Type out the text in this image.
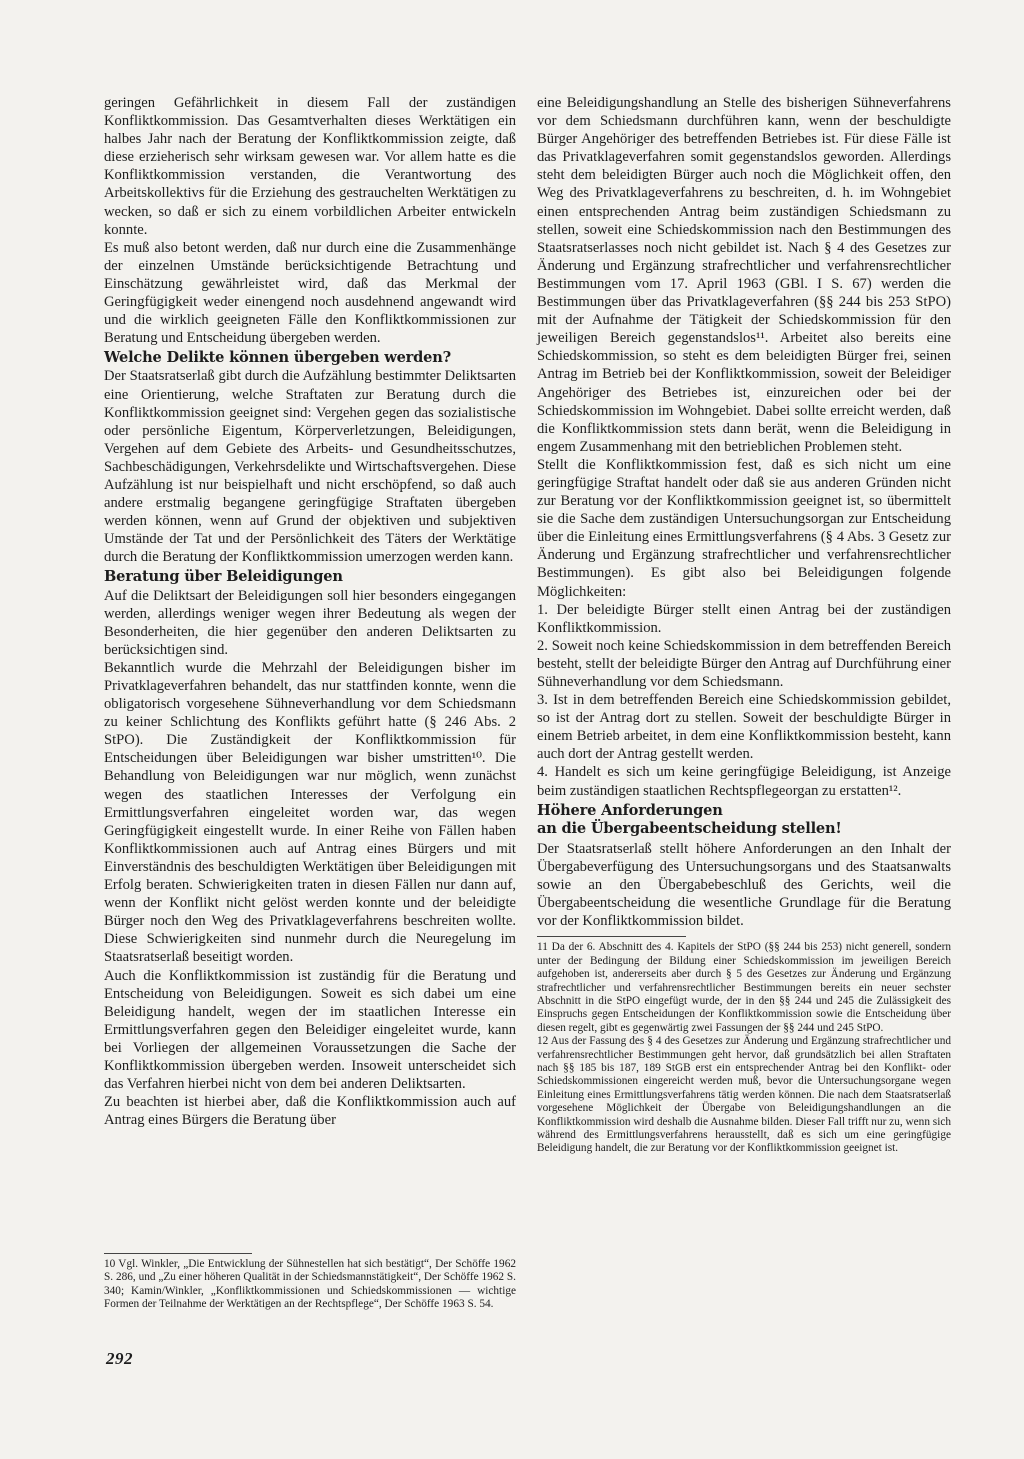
geringen Gefährlichkeit in diesem Fall der zuständigen Konfliktkommission. Das Gesamtverhalten dieses Werktätigen ein halbes Jahr nach der Beratung der Konfliktkommission zeigte, daß diese erzieherisch sehr wirksam gewesen war. Vor allem hatte es die Konfliktkommission verstanden, die Verantwortung des Arbeitskollektivs für die Erziehung des gestrauchelten Werktätigen zu wecken, so daß er sich zu einem vorbildlichen Arbeiter entwickeln konnte.

Es muß also betont werden, daß nur durch eine die Zusammenhänge der einzelnen Umstände berücksichtigende Betrachtung und Einschätzung gewährleistet wird, daß das Merkmal der Geringfügigkeit weder einengend noch ausdehnend angewandt wird und die wirklich geeigneten Fälle den Konfliktkommissionen zur Beratung und Entscheidung übergeben werden.

Welche Delikte können übergeben werden?

Der Staatsratserlaß gibt durch die Aufzählung bestimmter Deliktsarten eine Orientierung, welche Straftaten zur Beratung durch die Konfliktkommission geeignet sind: Vergehen gegen das sozialistische oder persönliche Eigentum, Körperverletzungen, Beleidigungen, Vergehen auf dem Gebiete des Arbeits- und Gesundheitsschutzes, Sachbeschädigungen, Verkehrsdelikte und Wirtschaftsvergehen. Diese Aufzählung ist nur beispielhaft und nicht erschöpfend, so daß auch andere erstmalig begangene geringfügige Straftaten übergeben werden können, wenn auf Grund der objektiven und subjektiven Umstände der Tat und der Persönlichkeit des Täters der Werktätige durch die Beratung der Konfliktkommission umerzogen werden kann.

Beratung über Beleidigungen

Auf die Deliktsart der Beleidigungen soll hier besonders eingegangen werden, allerdings weniger wegen ihrer Bedeutung als wegen der Besonderheiten, die hier gegenüber den anderen Deliktsarten zu berücksichtigen sind.

Bekanntlich wurde die Mehrzahl der Beleidigungen bisher im Privatklageverfahren behandelt, das nur stattfinden konnte, wenn die obligatorisch vorgesehene Sühneverhandlung vor dem Schiedsmann zu keiner Schlichtung des Konflikts geführt hatte (§ 246 Abs. 2 StPO). Die Zuständigkeit der Konfliktkommission für Entscheidungen über Beleidigungen war bisher umstritten¹⁰. Die Behandlung von Beleidigungen war nur möglich, wenn zunächst wegen des staatlichen Interesses der Verfolgung ein Ermittlungsverfahren eingeleitet worden war, das wegen Geringfügigkeit eingestellt wurde. In einer Reihe von Fällen haben Konfliktkommissionen auch auf Antrag eines Bürgers und mit Einverständnis des beschuldigten Werktätigen über Beleidigungen mit Erfolg beraten. Schwierigkeiten traten in diesen Fällen nur dann auf, wenn der Konflikt nicht gelöst werden konnte und der beleidigte Bürger noch den Weg des Privatklageverfahrens beschreiten wollte. Diese Schwierigkeiten sind nunmehr durch die Neuregelung im Staatsratserlaß beseitigt worden.

Auch die Konfliktkommission ist zuständig für die Beratung und Entscheidung von Beleidigungen. Soweit es sich dabei um eine Beleidigung handelt, wegen der im staatlichen Interesse ein Ermittlungsverfahren gegen den Beleidiger eingeleitet wurde, kann bei Vorliegen der allgemeinen Voraussetzungen die Sache der Konfliktkommission übergeben werden. Insoweit unterscheidet sich das Verfahren hierbei nicht von dem bei anderen Deliktsarten.

Zu beachten ist hierbei aber, daß die Konfliktkommission auch auf Antrag eines Bürgers die Beratung über

10 Vgl. Winkler, „Die Entwicklung der Sühnestellen hat sich bestätigt“, Der Schöffe 1962 S. 286, und „Zu einer höheren Qualität in der Schiedsmannstätigkeit“, Der Schöffe 1962 S. 340; Kamin/Winkler, „Konfliktkommissionen und Schiedskommissionen — wichtige Formen der Teilnahme der Werktätigen an der Rechtspflege“, Der Schöffe 1963 S. 54.

eine Beleidigungshandlung an Stelle des bisherigen Sühneverfahrens vor dem Schiedsmann durchführen kann, wenn der beschuldigte Bürger Angehöriger des betreffenden Betriebes ist. Für diese Fälle ist das Privatklageverfahren somit gegenstandslos geworden. Allerdings steht dem beleidigten Bürger auch noch die Möglichkeit offen, den Weg des Privatklageverfahrens zu beschreiten, d. h. im Wohngebiet einen entsprechenden Antrag beim zuständigen Schiedsmann zu stellen, soweit eine Schiedskommission nach den Bestimmungen des Staatsratserlasses noch nicht gebildet ist. Nach § 4 des Gesetzes zur Änderung und Ergänzung strafrechtlicher und verfahrensrechtlicher Bestimmungen vom 17. April 1963 (GBl. I S. 67) werden die Bestimmungen über das Privatklageverfahren (§§ 244 bis 253 StPO) mit der Aufnahme der Tätigkeit der Schiedskommission für den jeweiligen Bereich gegenstandslos¹¹. Arbeitet also bereits eine Schiedskommission, so steht es dem beleidigten Bürger frei, seinen Antrag im Betrieb bei der Konfliktkommission, soweit der Beleidiger Angehöriger des Betriebes ist, einzureichen oder bei der Schiedskommission im Wohngebiet. Dabei sollte erreicht werden, daß die Konfliktkommission stets dann berät, wenn die Beleidigung in engem Zusammenhang mit den betrieblichen Problemen steht.

Stellt die Konfliktkommission fest, daß es sich nicht um eine geringfügige Straftat handelt oder daß sie aus anderen Gründen nicht zur Beratung vor der Konfliktkommission geeignet ist, so übermittelt sie die Sache dem zuständigen Untersuchungsorgan zur Entscheidung über die Einleitung eines Ermittlungsverfahrens (§ 4 Abs. 3 Gesetz zur Änderung und Ergänzung strafrechtlicher und verfahrensrechtlicher Bestimmungen). Es gibt also bei Beleidigungen folgende Möglichkeiten:

1. Der beleidigte Bürger stellt einen Antrag bei der zuständigen Konfliktkommission.

2. Soweit noch keine Schiedskommission in dem betreffenden Bereich besteht, stellt der beleidigte Bürger den Antrag auf Durchführung einer Sühneverhandlung vor dem Schiedsmann.

3. Ist in dem betreffenden Bereich eine Schiedskommission gebildet, so ist der Antrag dort zu stellen. Soweit der beschuldigte Bürger in einem Betrieb arbeitet, in dem eine Konfliktkommission besteht, kann auch dort der Antrag gestellt werden.

4. Handelt es sich um keine geringfügige Beleidigung, ist Anzeige beim zuständigen staatlichen Rechtspflegeorgan zu erstatten¹².

Höhere Anforderungen
an die Übergabeentscheidung stellen!

Der Staatsratserlaß stellt höhere Anforderungen an den Inhalt der Übergabeverfügung des Untersuchungsorgans und des Staatsanwalts sowie an den Übergabebeschluß des Gerichts, weil die Übergabeentscheidung die wesentliche Grundlage für die Beratung vor der Konfliktkommission bildet.

11 Da der 6. Abschnitt des 4. Kapitels der StPO (§§ 244 bis 253) nicht generell, sondern unter der Bedingung der Bildung einer Schiedskommission im jeweiligen Bereich aufgehoben ist, andererseits aber durch § 5 des Gesetzes zur Änderung und Ergänzung strafrechtlicher und verfahrensrechtlicher Bestimmungen bereits ein neuer sechster Abschnitt in die StPO eingefügt wurde, der in den §§ 244 und 245 die Zulässigkeit des Einspruchs gegen Entscheidungen der Konfliktkommission sowie die Entscheidung über diesen regelt, gibt es gegenwärtig zwei Fassungen der §§ 244 und 245 StPO.

12 Aus der Fassung des § 4 des Gesetzes zur Änderung und Ergänzung strafrechtlicher und verfahrensrechtlicher Bestimmungen geht hervor, daß grundsätzlich bei allen Straftaten nach §§ 185 bis 187, 189 StGB erst ein entsprechender Antrag bei den Konflikt- oder Schiedskommissionen eingereicht werden muß, bevor die Untersuchungsorgane wegen Einleitung eines Ermittlungsverfahrens tätig werden können. Die nach dem Staatsratserlaß vorgesehene Möglichkeit der Übergabe von Beleidigungshandlungen an die Konfliktkommission wird deshalb die Ausnahme bilden. Dieser Fall trifft nur zu, wenn sich während des Ermittlungsverfahrens herausstellt, daß es sich um eine geringfügige Beleidigung handelt, die zur Beratung vor der Konfliktkommission geeignet ist.

292
